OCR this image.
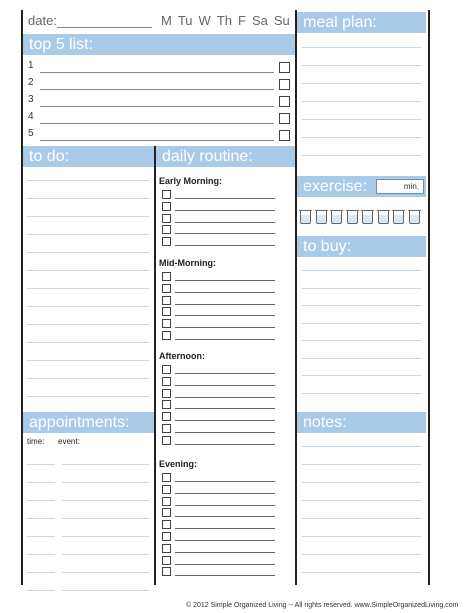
date:	M Tu W Th F Sa Su
top 5 list:
1
2
3
4
5
to do:	daily routine:
Early Morning:
Mid-Morning:
Afternoon:
Evening:
appointments:
time: event:
meal plan:
exercise:	min.
to buy:
notes:
© 2012 Simple Organized Living -- All rights reserved. www.SimpleOrganizedLiving.com
